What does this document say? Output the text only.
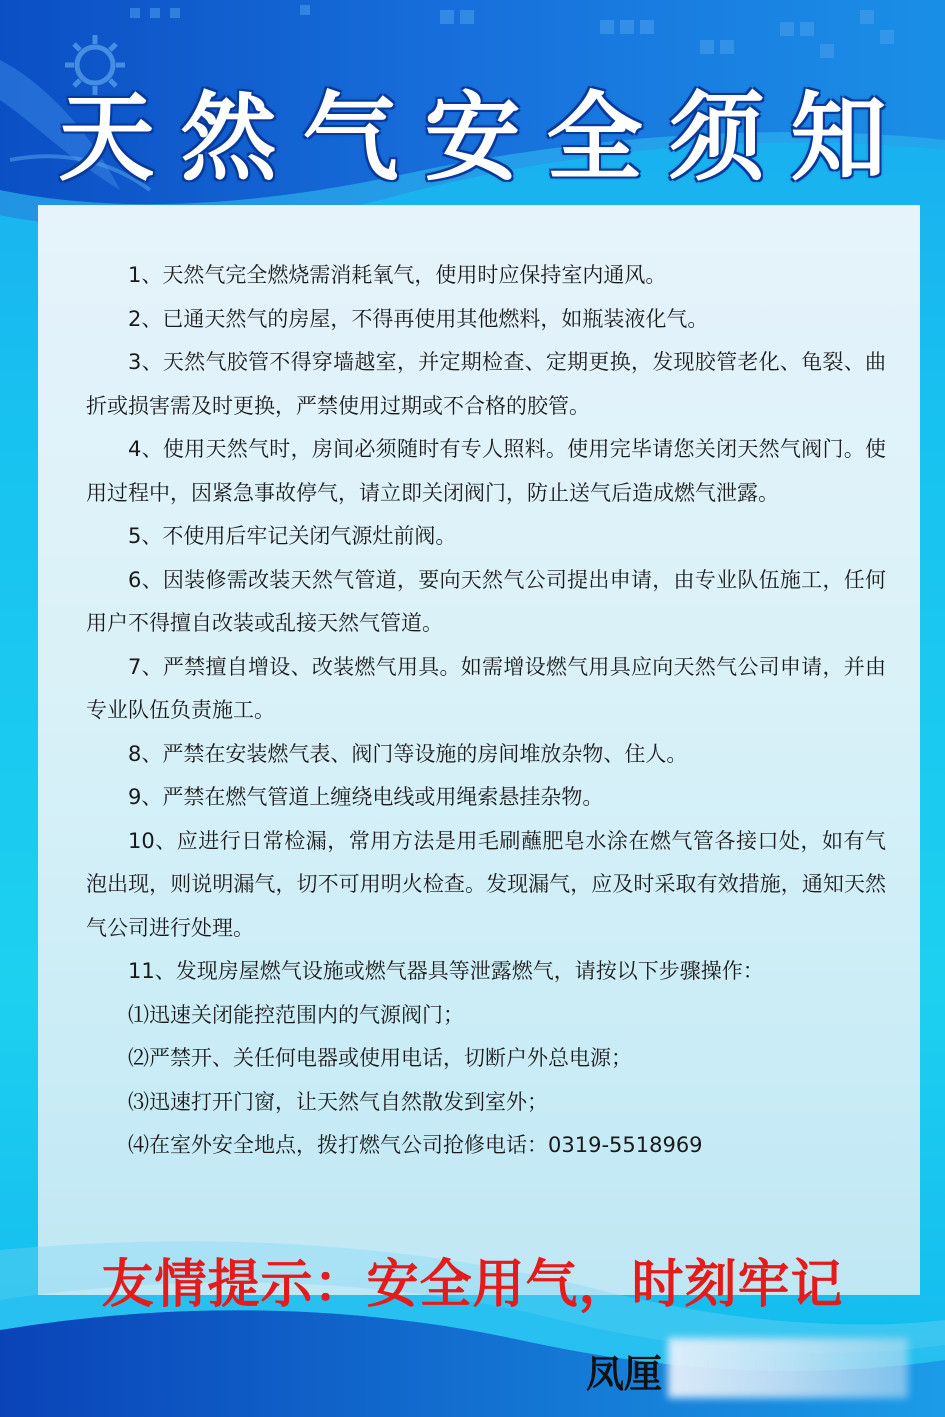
天然气安全须知

1、天然气完全燃烧需消耗氧气，使用时应保持室内通风。

2、已通天然气的房屋，不得再使用其他燃料，如瓶装液化气。

3、天然气胶管不得穿墙越室，并定期检查、定期更换，发现胶管老化、龟裂、曲折或损害需及时更换，严禁使用过期或不合格的胶管。

4、使用天然气时，房间必须随时有专人照料。使用完毕请您关闭天然气阀门。使用过程中，因紧急事故停气，请立即关闭阀门，防止送气后造成燃气泄露。

5、不使用后牢记关闭气源灶前阀。

6、因装修需改装天然气管道，要向天然气公司提出申请，由专业队伍施工，任何用户不得擅自改装或乱接天然气管道。

7、严禁擅自增设、改装燃气用具。如需增设燃气用具应向天然气公司申请，并由专业队伍负责施工。

8、严禁在安装燃气表、阀门等设施的房间堆放杂物、住人。

9、严禁在燃气管道上缠绕电线或用绳索悬挂杂物。

10、应进行日常检漏，常用方法是用毛刷蘸肥皂水涂在燃气管各接口处，如有气泡出现，则说明漏气，切不可用明火检查。发现漏气，应及时采取有效措施，通知天然气公司进行处理。

11、发现房屋燃气设施或燃气器具等泄露燃气，请按以下步骤操作：

⑴迅速关闭能控范围内的气源阀门；

⑵严禁开、关任何电器或使用电话，切断户外总电源；

⑶迅速打开门窗，让天然气自然散发到室外；

⑷在室外安全地点，拨打燃气公司抢修电话：0319-5518969

友情提示：安全用气，时刻牢记
凤厘
